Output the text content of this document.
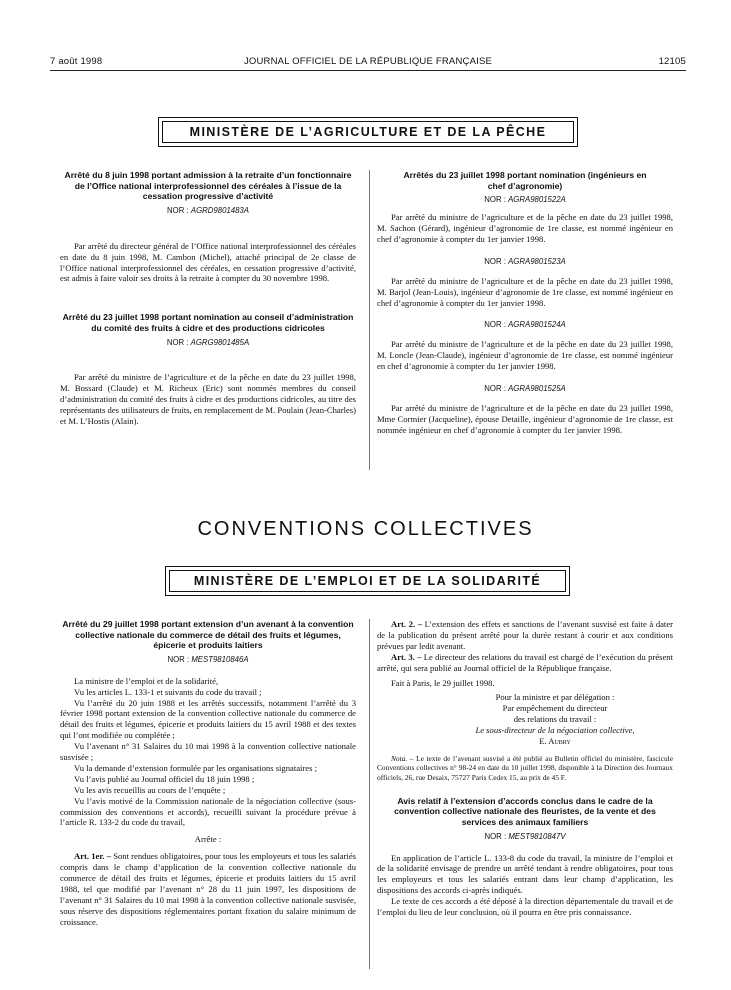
7 août 1998	JOURNAL OFFICIEL DE LA RÉPUBLIQUE FRANÇAISE	12105
MINISTÈRE DE L’AGRICULTURE ET DE LA PÊCHE

Arrêté du 8 juin 1998 portant admission à la retraite d’un fonctionnaire de l’Office national interprofessionnel des céréales à l’issue de la cessation progressive d’activité

NOR : AGRD9801483A

Par arrêté du directeur général de l’Office national interprofessionnel des céréales en date du 8 juin 1998, M. Cambon (Michel), attaché principal de 2e classe de l’Office national interprofessionnel des céréales, en cessation progressive d’activité, est admis à faire valoir ses droits à la retraite à compter du 30 novembre 1998.

Arrêté du 23 juillet 1998 portant nomination au conseil d’administration du comité des fruits à cidre et des productions cidricoles

NOR : AGRG9801485A

Par arrêté du ministre de l’agriculture et de la pêche en date du 23 juillet 1998, M. Bossard (Claude) et M. Richeux (Eric) sont nommés membres du conseil d’administration du comité des fruits à cidre et des productions cidricoles, au titre des représentants des utilisateurs de fruits, en remplacement de M. Poulain (Jean-Charles) et M. L’Hostis (Alain).

Arrêtés du 23 juillet 1998 portant nomination (ingénieurs en chef d’agronomie)

NOR : AGRA9801522A

Par arrêté du ministre de l’agriculture et de la pêche en date du 23 juillet 1998, M. Sachon (Gérard), ingénieur d’agronomie de 1re classe, est nommé ingénieur en chef d’agronomie à compter du 1er janvier 1998.

NOR : AGRA9801523A

Par arrêté du ministre de l’agriculture et de la pêche en date du 23 juillet 1998, M. Barjol (Jean-Louis), ingénieur d’agronomie de 1re classe, est nommé ingénieur en chef d’agronomie à compter du 1er janvier 1998.

NOR : AGRA9801524A

Par arrêté du ministre de l’agriculture et de la pêche en date du 23 juillet 1998, M. Loncle (Jean-Claude), ingénieur d’agronomie de 1re classe, est nommé ingénieur en chef d’agronomie à compter du 1er janvier 1998.

NOR : AGRA9801525A

Par arrêté du ministre de l’agriculture et de la pêche en date du 23 juillet 1998, Mme Cormier (Jacqueline), épouse Detaille, ingénieur d’agronomie de 1re classe, est nommée ingénieur en chef d’agronomie à compter du 1er janvier 1998.

CONVENTIONS COLLECTIVES
MINISTÈRE DE L’EMPLOI ET DE LA SOLIDARITÉ

Arrêté du 29 juillet 1998 portant extension d’un avenant à la convention collective nationale du commerce de détail des fruits et légumes, épicerie et produits laitiers

NOR : MEST9810846A

La ministre de l’emploi et de la solidarité,

Vu les articles L. 133-1 et suivants du code du travail ;

Vu l’arrêté du 20 juin 1988 et les arrêtés successifs, notamment l’arrêté du 3 février 1998 portant extension de la convention collective nationale du commerce de détail des fruits et légumes, épicerie et produits laitiers du 15 avril 1988 et des textes qui l’ont modifiée ou complétée ;

Vu l’avenant n° 31 Salaires du 10 mai 1998 à la convention collective nationale susvisée ;

Vu la demande d’extension formulée par les organisations signataires ;

Vu l’avis publié au Journal officiel du 18 juin 1998 ;

Vu les avis recueillis au cours de l’enquête ;

Vu l’avis motivé de la Commission nationale de la négociation collective (sous-commission des conventions et accords), recueilli suivant la procédure prévue à l’article R. 133-2 du code du travail,

Arrête :

Art. 1er. – Sont rendues obligatoires, pour tous les employeurs et tous les salariés compris dans le champ d’application de la convention collective nationale du commerce de détail des fruits et légumes, épicerie et produits laitiers du 15 avril 1988, tel que modifié par l’avenant n° 28 du 11 juin 1997, les dispositions de l’avenant n° 31 Salaires du 10 mai 1998 à la convention collective nationale susvisée, sous réserve des dispositions réglementaires portant fixation du salaire minimum de croissance.

Art. 2. – L’extension des effets et sanctions de l’avenant susvisé est faite à dater de la publication du présent arrêté pour la durée restant à courir et aux conditions prévues par ledit avenant.

Art. 3. – Le directeur des relations du travail est chargé de l’exécution du présent arrêté, qui sera publié au Journal officiel de la République française.

Fait à Paris, le 29 juillet 1998.

Pour la ministre et par délégation :

Par empêchement du directeur

des relations du travail :

Le sous-directeur de la négociation collective,

E. Aubry

Nota. – Le texte de l’avenant susvisé a été publié au Bulletin officiel du ministère, fascicule Conventions collectives n° 98-24 en date du 10 juillet 1998, disponible à la Direction des Journaux officiels, 26, rue Desaix, 75727 Paris Cedex 15, au prix de 45 F.

Avis relatif à l’extension d’accords conclus dans le cadre de la convention collective nationale des fleuristes, de la vente et des services des animaux familiers

NOR : MEST9810847V

En application de l’article L. 133-8 du code du travail, la ministre de l’emploi et de la solidarité envisage de prendre un arrêté tendant à rendre obligatoires, pour tous les employeurs et tous les salariés entrant dans leur champ d’application, les dispositions des accords ci-après indiqués.

Le texte de ces accords a été déposé à la direction départementale du travail et de l’emploi du lieu de leur conclusion, où il pourra en être pris connaissance.
